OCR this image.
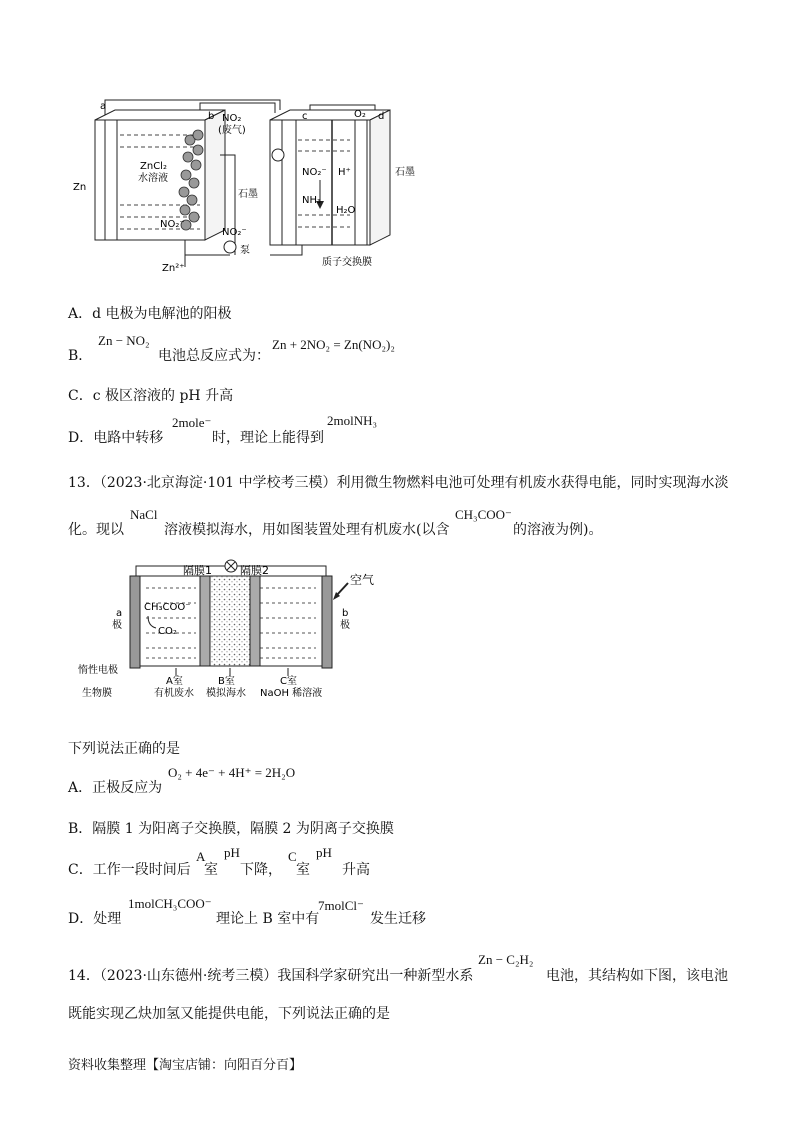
a
b	c	d
O₂
NO₂
(废气)
ZnCl₂
水溶液
Zn
NO₂⁻
NO₂⁻
泵
Zn²⁺
石墨
石墨
NO₂⁻ H⁺
NH₃
H₂O
质子交换膜
A．d 电极为电解池的阳极
B．
Zn − NO₂
电池总反应式为：
Zn + 2NO₂ = Zn(NO₂)₂
C．c 极区溶液的 pH 升高
D．电路中转移
2mole⁻
时，理论上能得到
2molNH₃
13．（2023·北京海淀·101 中学校考三模）利用微生物燃料电池可处理有机废水获得电能，同时实现海水淡
化。现以
NaCl
溶液模拟海水，用如图装置处理有机废水(以含
CH₃COO⁻
的溶液为例)。
隔膜1	隔膜2
空气
a
极
b
极
CH₃COO⁻
CO₂
惰性电极
生物膜
A室	B室	C室
有机废水 模拟海水 NaOH 稀溶液
下列说法正确的是
A．正极反应为
O₂ + 4e⁻ + 4H⁺ = 2H₂O
B．隔膜 1 为阳离子交换膜，隔膜 2 为阴离子交换膜
C．工作一段时间后
A
室
pH
下降，
C
室
pH
升高
D．处理
1molCH₃COO⁻
理论上 B 室中有
7molCl⁻
发生迁移
14．（2023·山东德州·统考三模）我国科学家研究出一种新型水系
Zn − C₂H₂
电池，其结构如下图，该电池
既能实现乙炔加氢又能提供电能，下列说法正确的是
资料收集整理【淘宝店铺：向阳百分百】
